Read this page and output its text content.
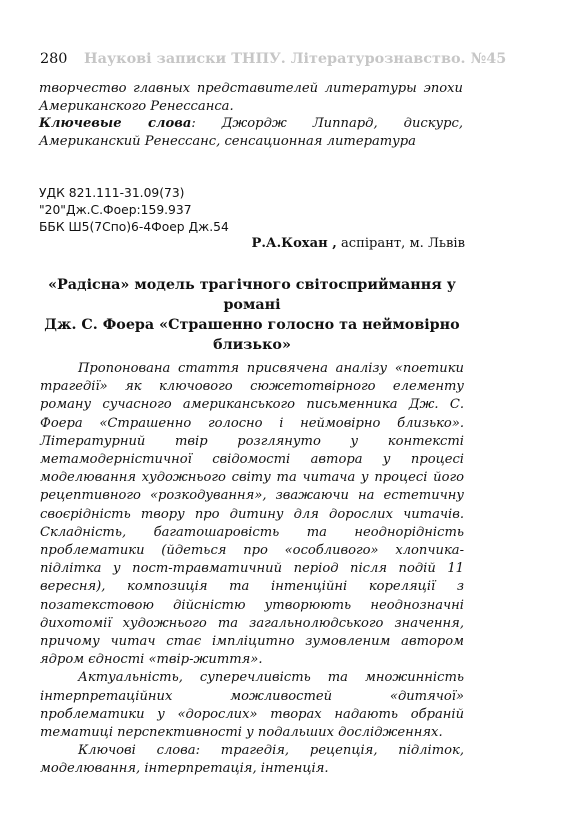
280 Наукові записки ТНПУ. Літературознавство. №45

творчество главных представителей литературы эпохи Американского Ренессанса.

Ключевые слова: Джордж Липпард, дискурс, Американский Ренессанс, сенсационная литература

УДК 821.111-31.09(73)
"20"Дж.С.Фоер:159.937
ББК Ш5(7Спо)6-4Фоер Дж.54
Р.А.Кохан , аспірант, м. Львів
«Радісна» модель трагічного світосприймання у романі
Дж. С. Фоера «Страшенно голосно та неймовірно
близько»

Пропонована стаття присвячена аналізу «поетики трагедії» як ключового сюжетотвірного елементу роману сучасного американського письменника Дж. С. Фоера «Страшенно голосно і неймовірно близько». Літературний твір розглянуто у контексті метамодерністичної свідомості автора у процесі моделювання художнього світу та читача у процесі його рецептивного «розкодування», зважаючи на естетичну своєрідність твору про дитину для дорослих читачів. Складність, багатошаровість та неоднорідність проблематики (йдеться про «особливого» хлопчика-підлітка у пост-травматичний період після подій 11 вересня), композиція та інтенційні кореляції з позатекстовою дійсністю утворюють неоднозначні дихотомії художнього та загальнолюдського значення, причому читач стає імпліцитно зумовленим автором ядром єдності «твір-життя».

Актуальність, суперечливість та множинність інтерпретаційних можливостей «дитячої» проблематики у «дорослих» творах надають обраній тематиці перспективності у подальших дослідженнях.

Ключові слова: трагедія, рецепція, підліток, моделювання, інтерпретація, інтенція.
